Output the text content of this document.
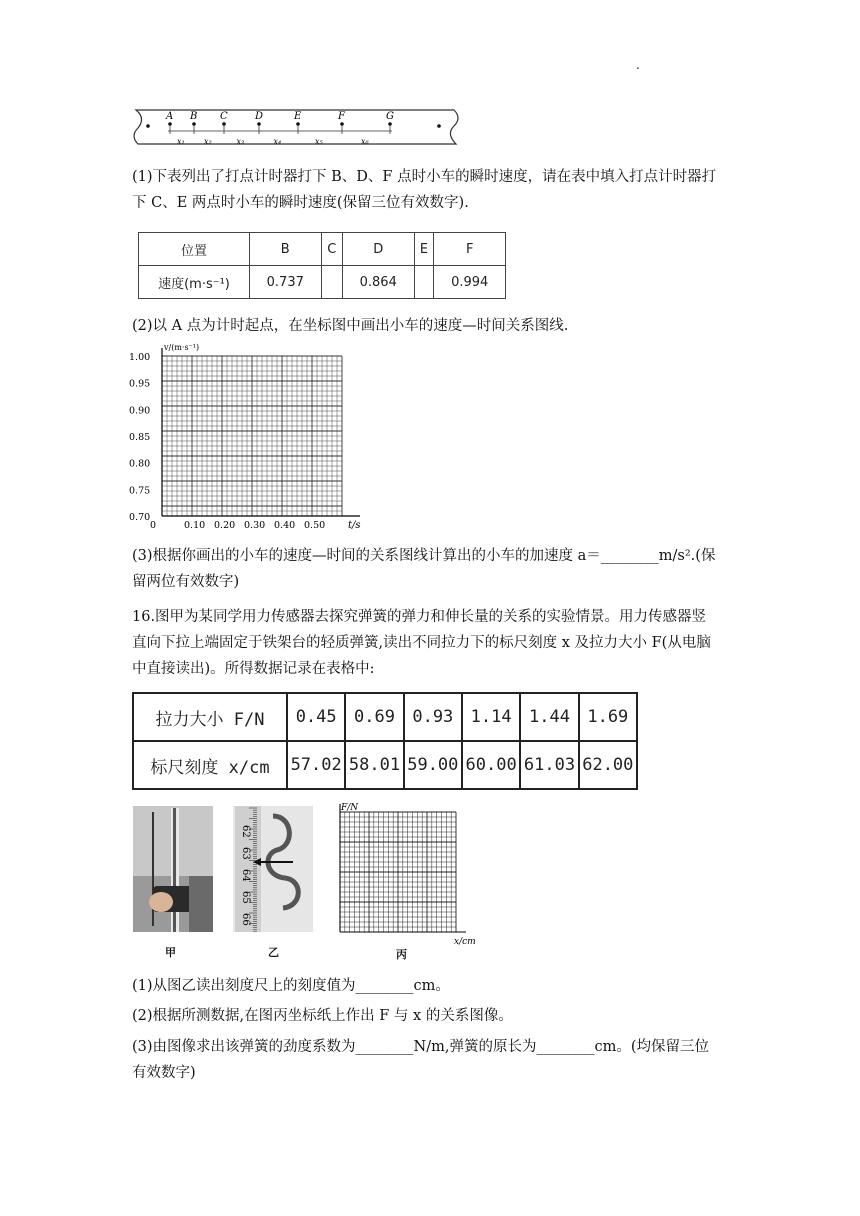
.
A B C	D	E	F	G
x₁ x₂	x₃	x₄	x₅	x₆
(1)下表列出了打点计时器打下 B、D、F 点时小车的瞬时速度，请在表中填入打点计时器打
下 C、E 两点时小车的瞬时速度(保留三位有效数字).
位置	B	C	D	E	F
速度(m·s⁻¹)	0.737		0.864		0.994
(2)以 A 点为计时起点，在坐标图中画出小车的速度—时间关系图线.
1.00
0.95
0.90
0.85
0.80
0.75
0.70
0	0.10 0.20 0.30 0.40 0.50
v/(m·s⁻¹)
t/s
(3)根据你画出的小车的速度—时间的关系图线计算出的小车的加速度 a＝________m/s².(保
留两位有效数字)
16.图甲为某同学用力传感器去探究弹簧的弹力和伸长量的关系的实验情景。用力传感器竖
直向下拉上端固定于铁架台的轻质弹簧,读出不同拉力下的标尺刻度 x 及拉力大小 F(从电脑
中直接读出)。所得数据记录在表格中:
拉力大小 F/N	0.45	0.69	0.93	1.14	1.44	1.69
标尺刻度 x/cm	57.02	58.01	59.00	60.00	61.03	62.00
甲
62
63
64
65
66
乙
F/N
x/cm
丙
(1)从图乙读出刻度尺上的刻度值为________cm。
(2)根据所测数据,在图丙坐标纸上作出 F 与 x 的关系图像。
(3)由图像求出该弹簧的劲度系数为________N/m,弹簧的原长为________cm。(均保留三位
有效数字)
